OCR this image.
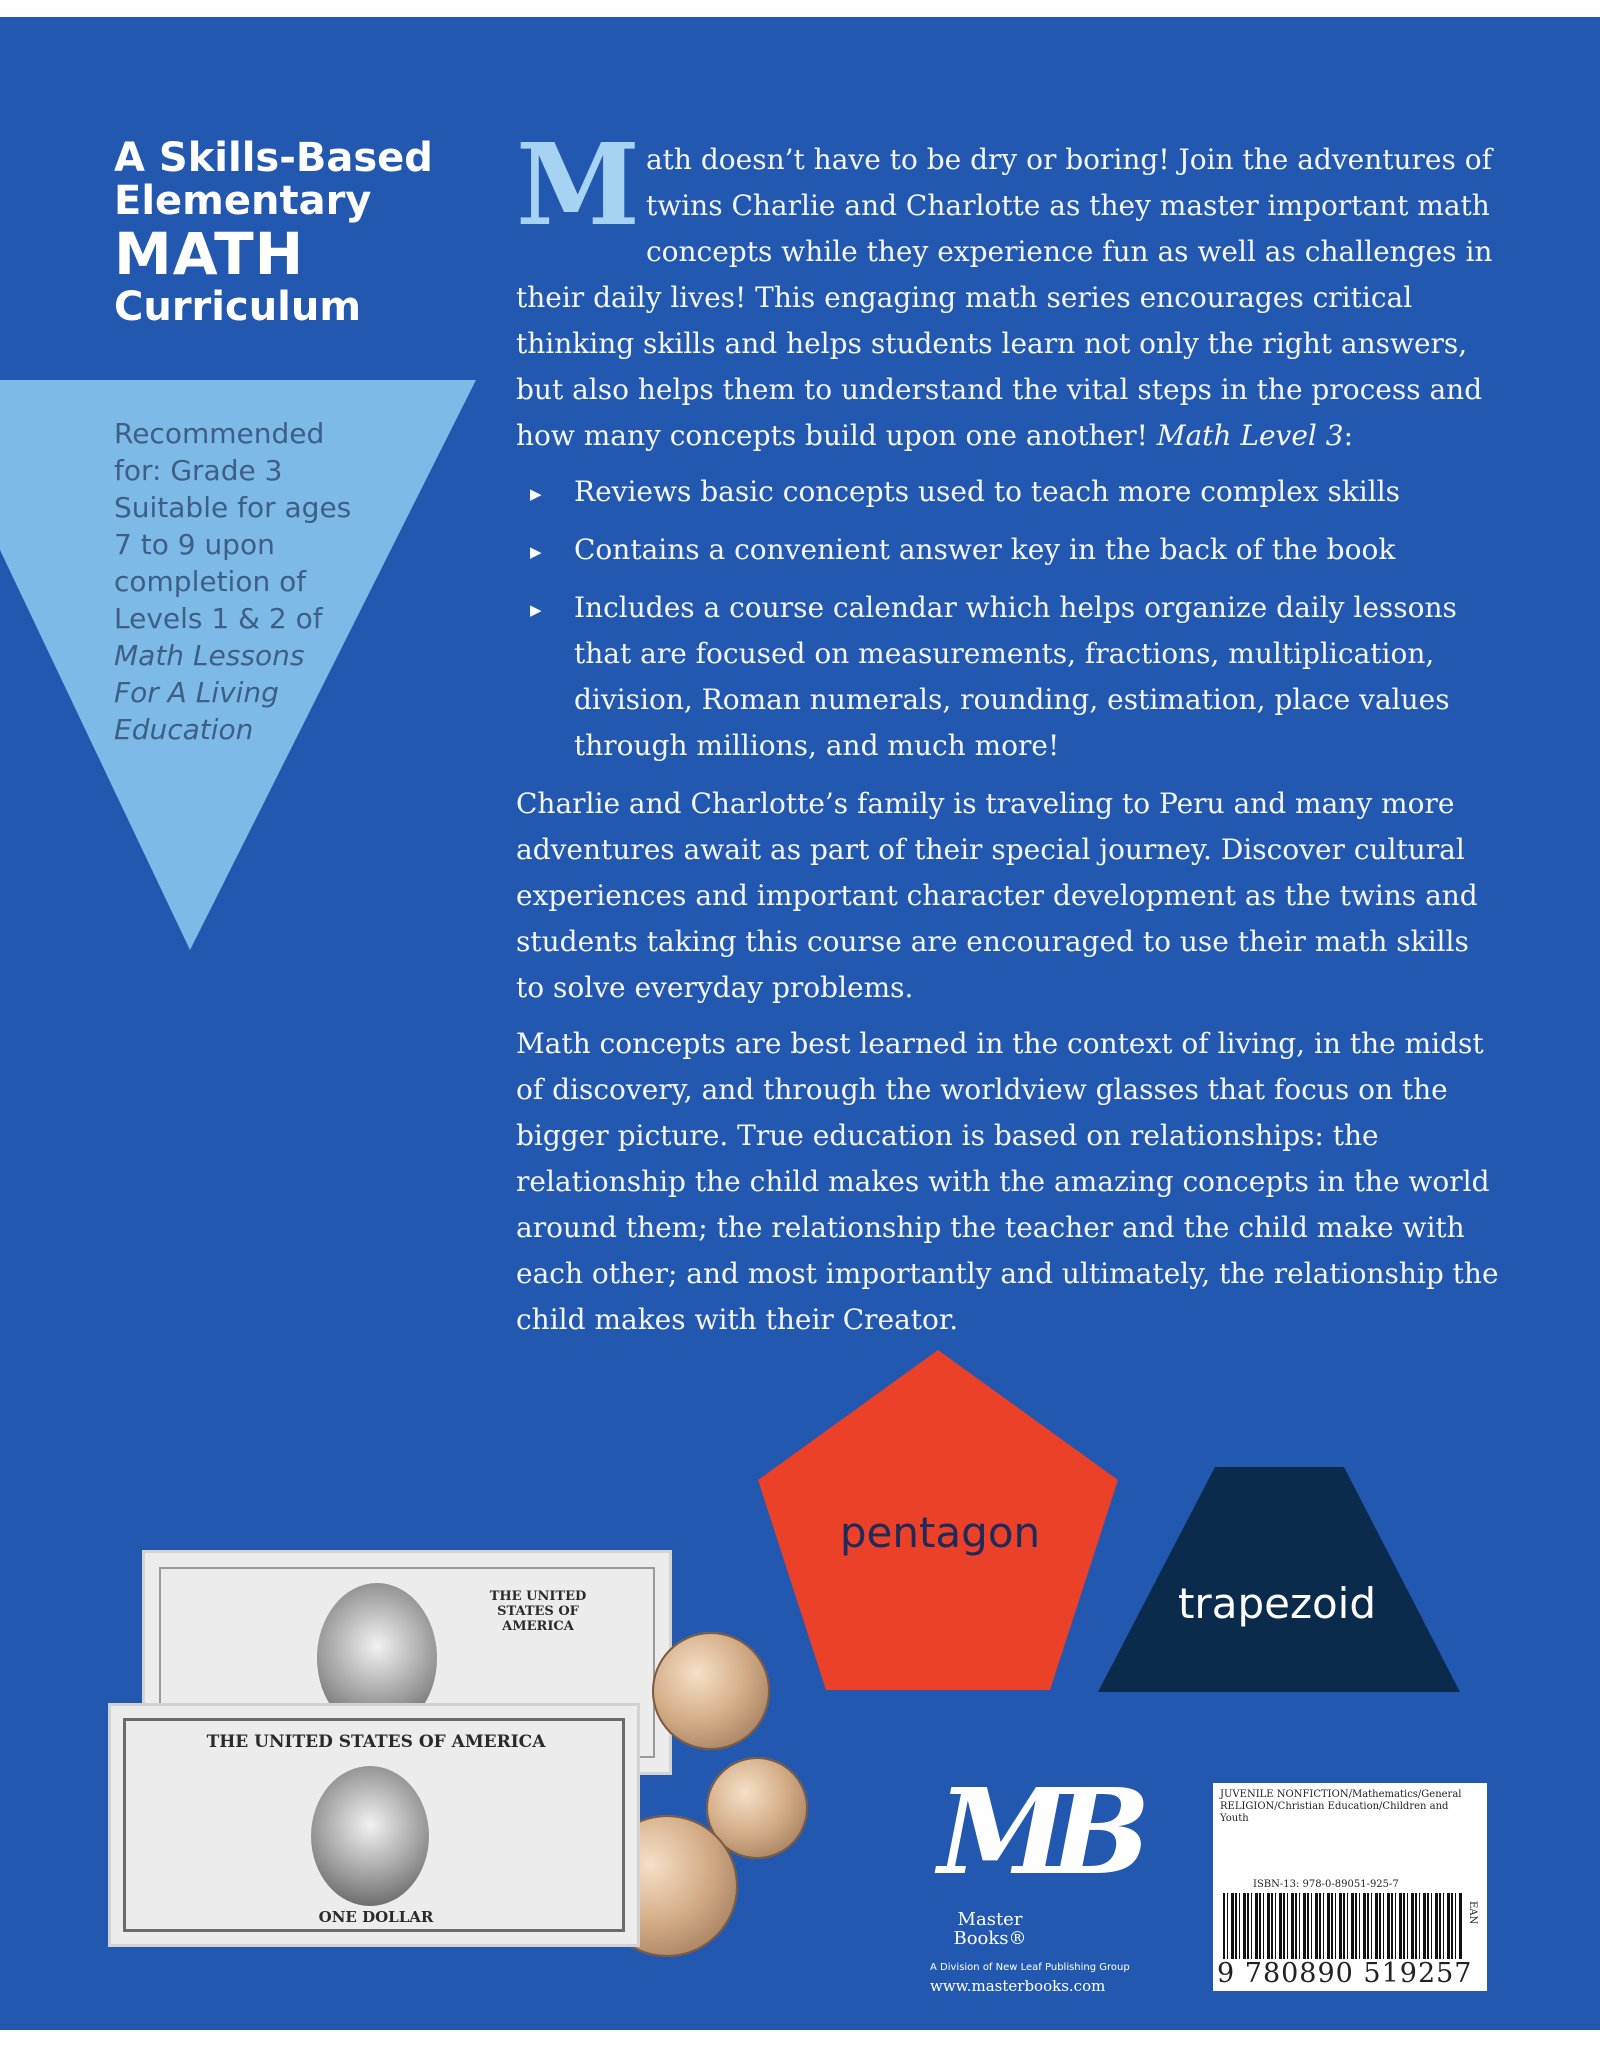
A Skills-Based
Elementary
MATH
Curriculum
Recommended
for: Grade 3
Suitable for ages
7 to 9 upon
completion of
Levels 1 & 2 of
Math Lessons
For A Living
Education

Math doesn’t have to be dry or boring! Join the adventures of twins Charlie and Charlotte as they master important math concepts while they experience fun as well as challenges in their daily lives! This engaging math series encourages critical thinking skills and helps students learn not only the right answers, but also helps them to understand the vital steps in the process and how many concepts build upon one another! Math Level 3:

▶ Reviews basic concepts used to teach more complex skills
▶ Contains a convenient answer key in the back of the book
▶ Includes a course calendar which helps organize daily lessons that are focused on measurements, fractions, multiplication, division, Roman numerals, rounding, estimation, place values through millions, and much more!

Charlie and Charlotte’s family is traveling to Peru and many more adventures await as part of their special journey. Discover cultural experiences and important character development as the twins and students taking this course are encouraged to use their math skills to solve everyday problems.

Math concepts are best learned in the context of living, in the midst of discovery, and through the worldview glasses that focus on the bigger picture. True education is based on relationships: the relationship the child makes with the amazing concepts in the world around them; the relationship the teacher and the child make with each other; and most importantly and ultimately, the relationship the child makes with their Creator.

pentagon
trapezoid
THE UNITED STATES OF AMERICA
THE UNITED STATES OF AMERICA
ONE DOLLAR
MB
Master Books®
A Division of New Leaf Publishing Group
www.masterbooks.com
JUVENILE NONFICTION/Mathematics/General RELIGION/Christian Education/Children and Youth
ISBN-13: 978-0-89051-925-7
EAN
9 780890 519257
